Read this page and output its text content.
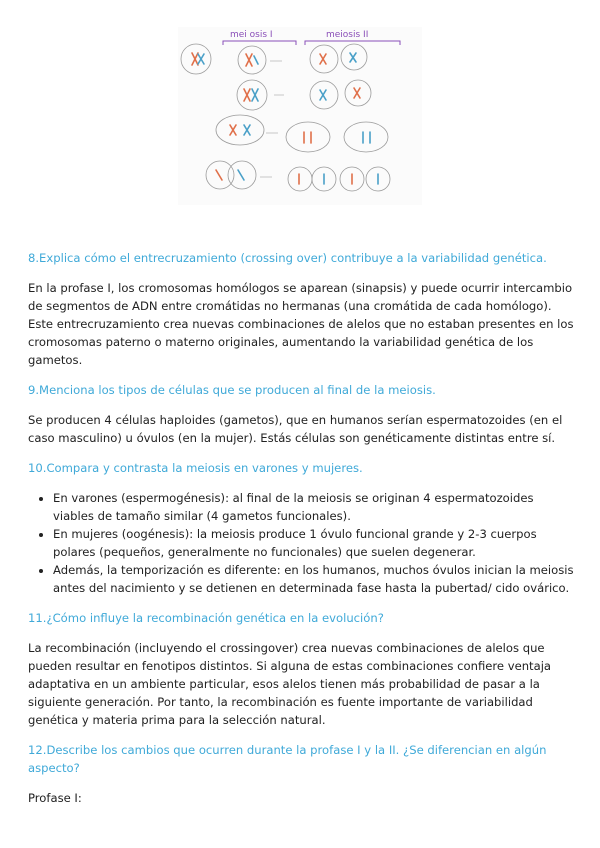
mei osis I	meiosis II
8.Explica cómo el entrecruzamiento (crossing over) contribuye a la variabilidad genética.
En la profase I, los cromosomas homólogos se aparean (sinapsis) y puede ocurrir intercambio de segmentos de ADN entre cromátidas no hermanas (una cromátida de cada homólogo). Este entrecruzamiento crea nuevas combinaciones de alelos que no estaban presentes en los cromosomas paterno o materno originales, aumentando la variabilidad genética de los gametos.
9.Menciona los tipos de células que se producen al final de la meiosis.
Se producen 4 células haploides (gametos), que en humanos serían espermatozoides (en el caso masculino) u óvulos (en la mujer). Estás células son genéticamente distintas entre sí.
10.Compara y contrasta la meiosis en varones y mujeres.
• En varones (espermogénesis): al final de la meiosis se originan 4 espermatozoides viables de tamaño similar (4 gametos funcionales).
• En mujeres (oogénesis): la meiosis produce 1 óvulo funcional grande y 2-3 cuerpos polares (pequeños, generalmente no funcionales) que suelen degenerar.
• Además, la temporización es diferente: en los humanos, muchos óvulos inician la meiosis antes del nacimiento y se detienen en determinada fase hasta la pubertad/ cido ovárico.
11.¿Cómo influye la recombinación genética en la evolución?
La recombinación (incluyendo el crossingover) crea nuevas combinaciones de alelos que pueden resultar en fenotipos distintos. Si alguna de estas combinaciones confiere ventaja adaptativa en un ambiente particular, esos alelos tienen más probabilidad de pasar a la siguiente generación. Por tanto, la recombinación es fuente importante de variabilidad genética y materia prima para la selección natural.
12.Describe los cambios que ocurren durante la profase I y la II. ¿Se diferencian en algún aspecto?
Profase I:
